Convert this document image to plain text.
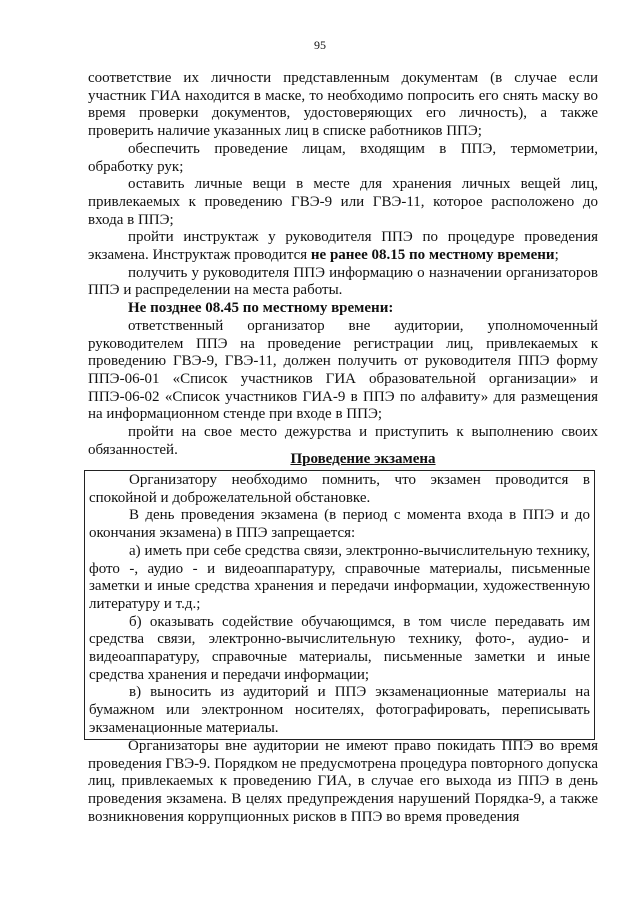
95

соответствие их личности представленным документам (в случае если участник ГИА находится в маске, то необходимо попросить его снять маску во время проверки документов, удостоверяющих его личность), а также проверить наличие указанных лиц в списке работников ППЭ;

обеспечить проведение лицам, входящим в ППЭ, термометрии, обработку рук;

оставить личные вещи в месте для хранения личных вещей лиц, привлекаемых к проведению ГВЭ-9 или ГВЭ-11, которое расположено до входа в ППЭ;

пройти инструктаж у руководителя ППЭ по процедуре проведения экзамена. Инструктаж проводится не ранее 08.15 по местному времени;

получить у руководителя ППЭ информацию о назначении организаторов ППЭ и распределении на места работы.

Не позднее 08.45 по местному времени:

ответственный организатор вне аудитории, уполномоченный руководителем ППЭ на проведение регистрации лиц, привлекаемых к проведению ГВЭ-9, ГВЭ-11, должен получить от руководителя ППЭ форму ППЭ-06-01 «Список участников ГИА образовательной организации» и ППЭ-06-02 «Список участников ГИА-9 в ППЭ по алфавиту» для размещения на информационном стенде при входе в ППЭ;

пройти на свое место дежурства и приступить к выполнению своих обязанностей.

Проведение экзамена

Организатору необходимо помнить, что экзамен проводится в спокойной и доброжелательной обстановке.

В день проведения экзамена (в период с момента входа в ППЭ и до окончания экзамена) в ППЭ запрещается:

а) иметь при себе средства связи, электронно-вычислительную технику, фото -, аудио - и видеоаппаратуру, справочные материалы, письменные заметки и иные средства хранения и передачи информации, художественную литературу и т.д.;

б) оказывать содействие обучающимся, в том числе передавать им средства связи, электронно-вычислительную технику, фото-, аудио- и видеоаппаратуру, справочные материалы, письменные заметки и иные средства хранения и передачи информации;

в) выносить из аудиторий и ППЭ экзаменационные материалы на бумажном или электронном носителях, фотографировать, переписывать экзаменационные материалы.

Организаторы вне аудитории не имеют право покидать ППЭ во время проведения ГВЭ-9. Порядком не предусмотрена процедура повторного допуска лиц, привлекаемых к проведению ГИА, в случае его выхода из ППЭ в день проведения экзамена. В целях предупреждения нарушений Порядка-9, а также возникновения коррупционных рисков в ППЭ во время проведения
